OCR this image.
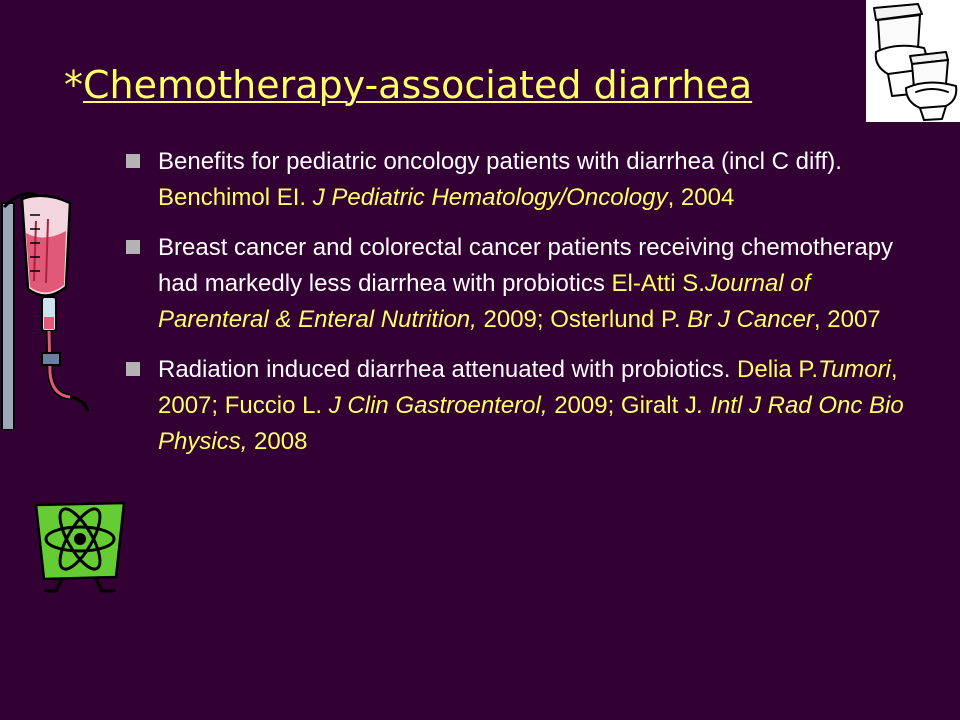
*Chemotherapy-associated diarrhea
Benefits for pediatric oncology patients with diarrhea (incl C diff). Benchimol EI. J Pediatric Hematology/Oncology, 2004
Breast cancer and colorectal cancer patients receiving chemotherapy had markedly less diarrhea with probiotics El-Atti S.Journal of Parenteral & Enteral Nutrition, 2009; Osterlund P. Br J Cancer, 2007
Radiation induced diarrhea attenuated with probiotics. Delia P.Tumori, 2007; Fuccio L. J Clin Gastroenterol, 2009; Giralt J. Intl J Rad Onc Bio Physics, 2008
